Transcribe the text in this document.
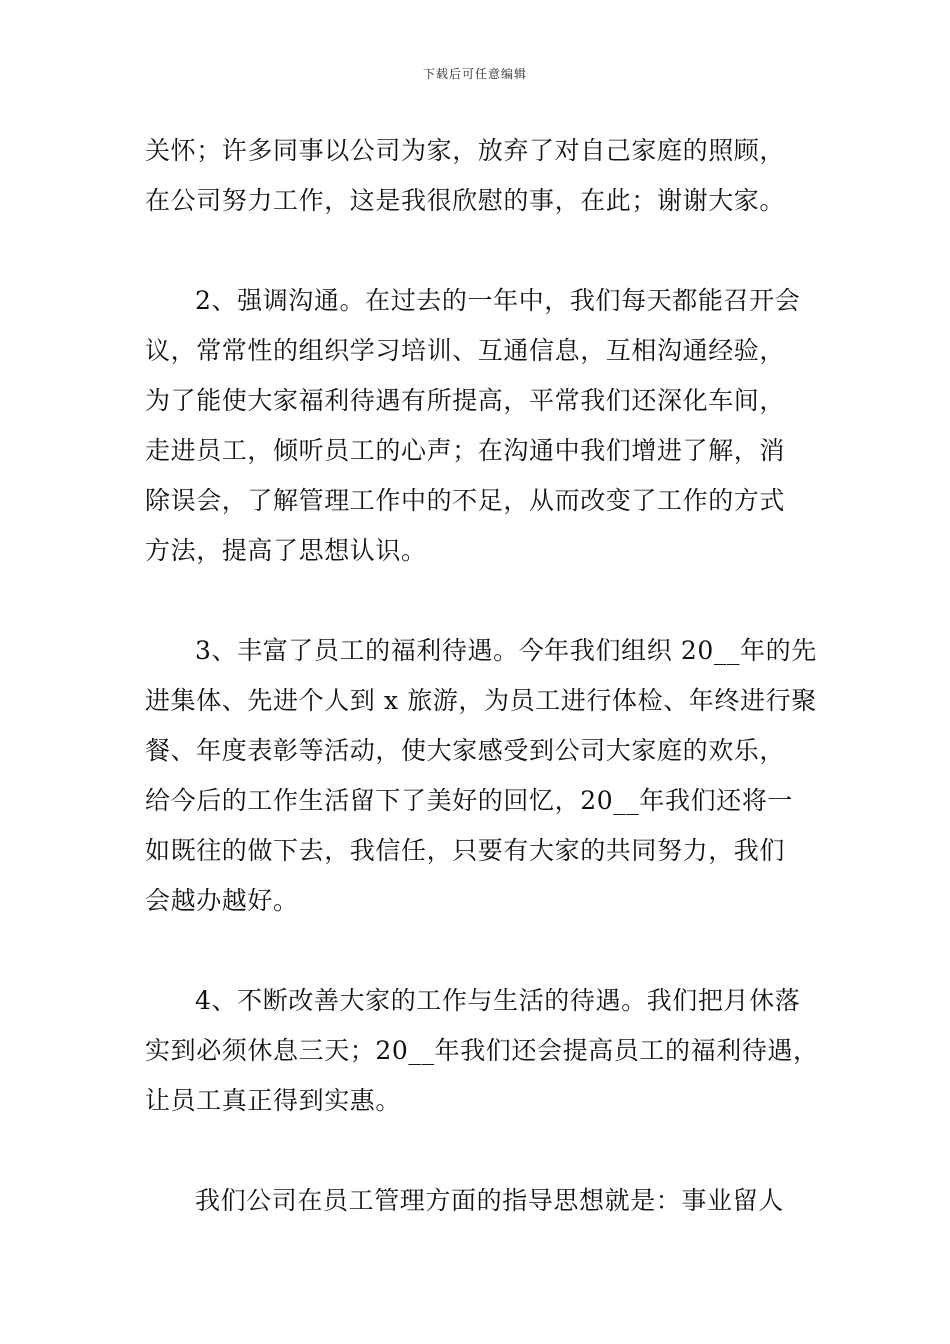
下载后可任意编辑
关怀；许多同事以公司为家，放弃了对自己家庭的照顾，
在公司努力工作，这是我很欣慰的事，在此；谢谢大家。
2、强调沟通。在过去的一年中，我们每天都能召开会
议，常常性的组织学习培训、互通信息，互相沟通经验，
为了能使大家福利待遇有所提高，平常我们还深化车间，
走进员工，倾听员工的心声；在沟通中我们增进了解，消
除误会，了解管理工作中的不足，从而改变了工作的方式
方法，提高了思想认识。
3、丰富了员工的福利待遇。今年我们组织 20__年的先
进集体、先进个人到 x 旅游，为员工进行体检、年终进行聚
餐、年度表彰等活动，使大家感受到公司大家庭的欢乐，
给今后的工作生活留下了美好的回忆，20__年我们还将一
如既往的做下去，我信任，只要有大家的共同努力，我们
会越办越好。
4、不断改善大家的工作与生活的待遇。我们把月休落
实到必须休息三天；20__年我们还会提高员工的福利待遇，
让员工真正得到实惠。
我们公司在员工管理方面的指导思想就是：事业留人
